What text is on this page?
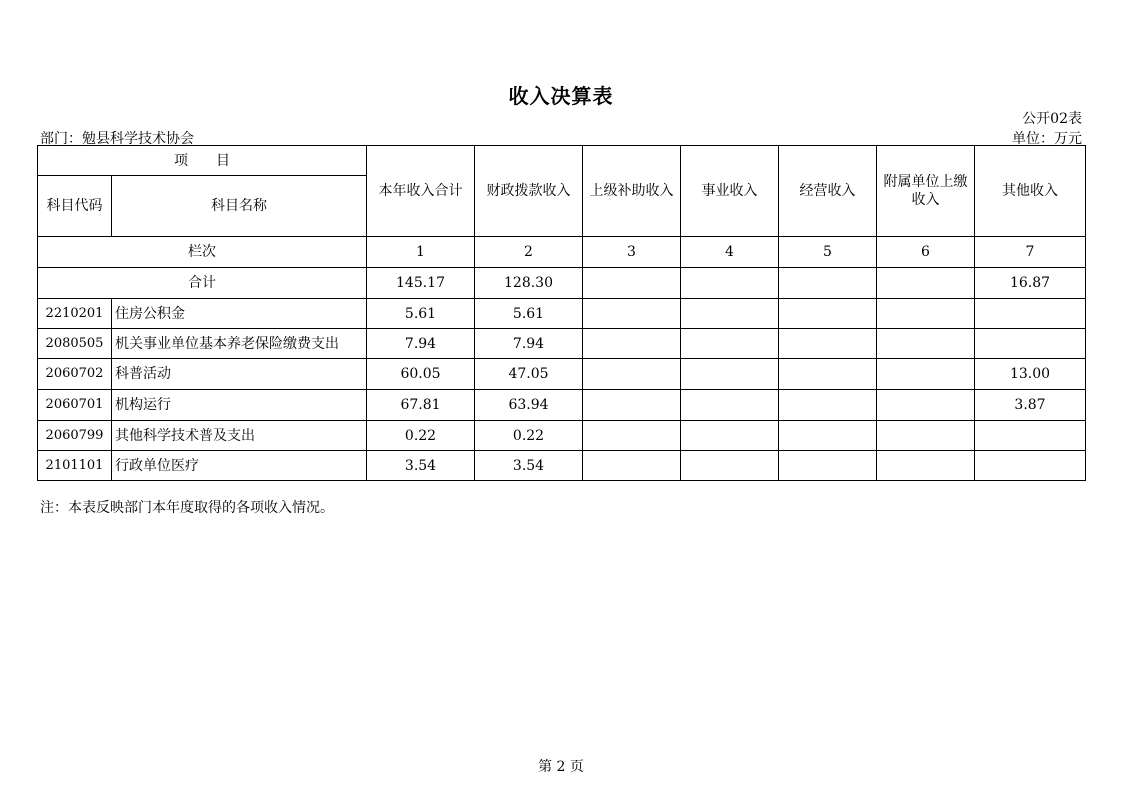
收入决算表
公开02表
部门：勉县科学技术协会	单位：万元
项　　目		本年收入合计	财政拨款收入	上级补助收入	事业收入	经营收入	附属单位上缴收入	其他收入
科目代码	科目名称							
栏次		1	2	3	4	5	6	7
合计		145.17	128.30					16.87
2210201	住房公积金	5.61	5.61					
2080505	机关事业单位基本养老保险缴费支出	7.94	7.94					
2060702	科普活动	60.05	47.05					13.00
2060701	机构运行	67.81	63.94					3.87
2060799	其他科学技术普及支出	0.22	0.22					
2101101	行政单位医疗	3.54	3.54					
注：本表反映部门本年度取得的各项收入情况。
第 2 页
